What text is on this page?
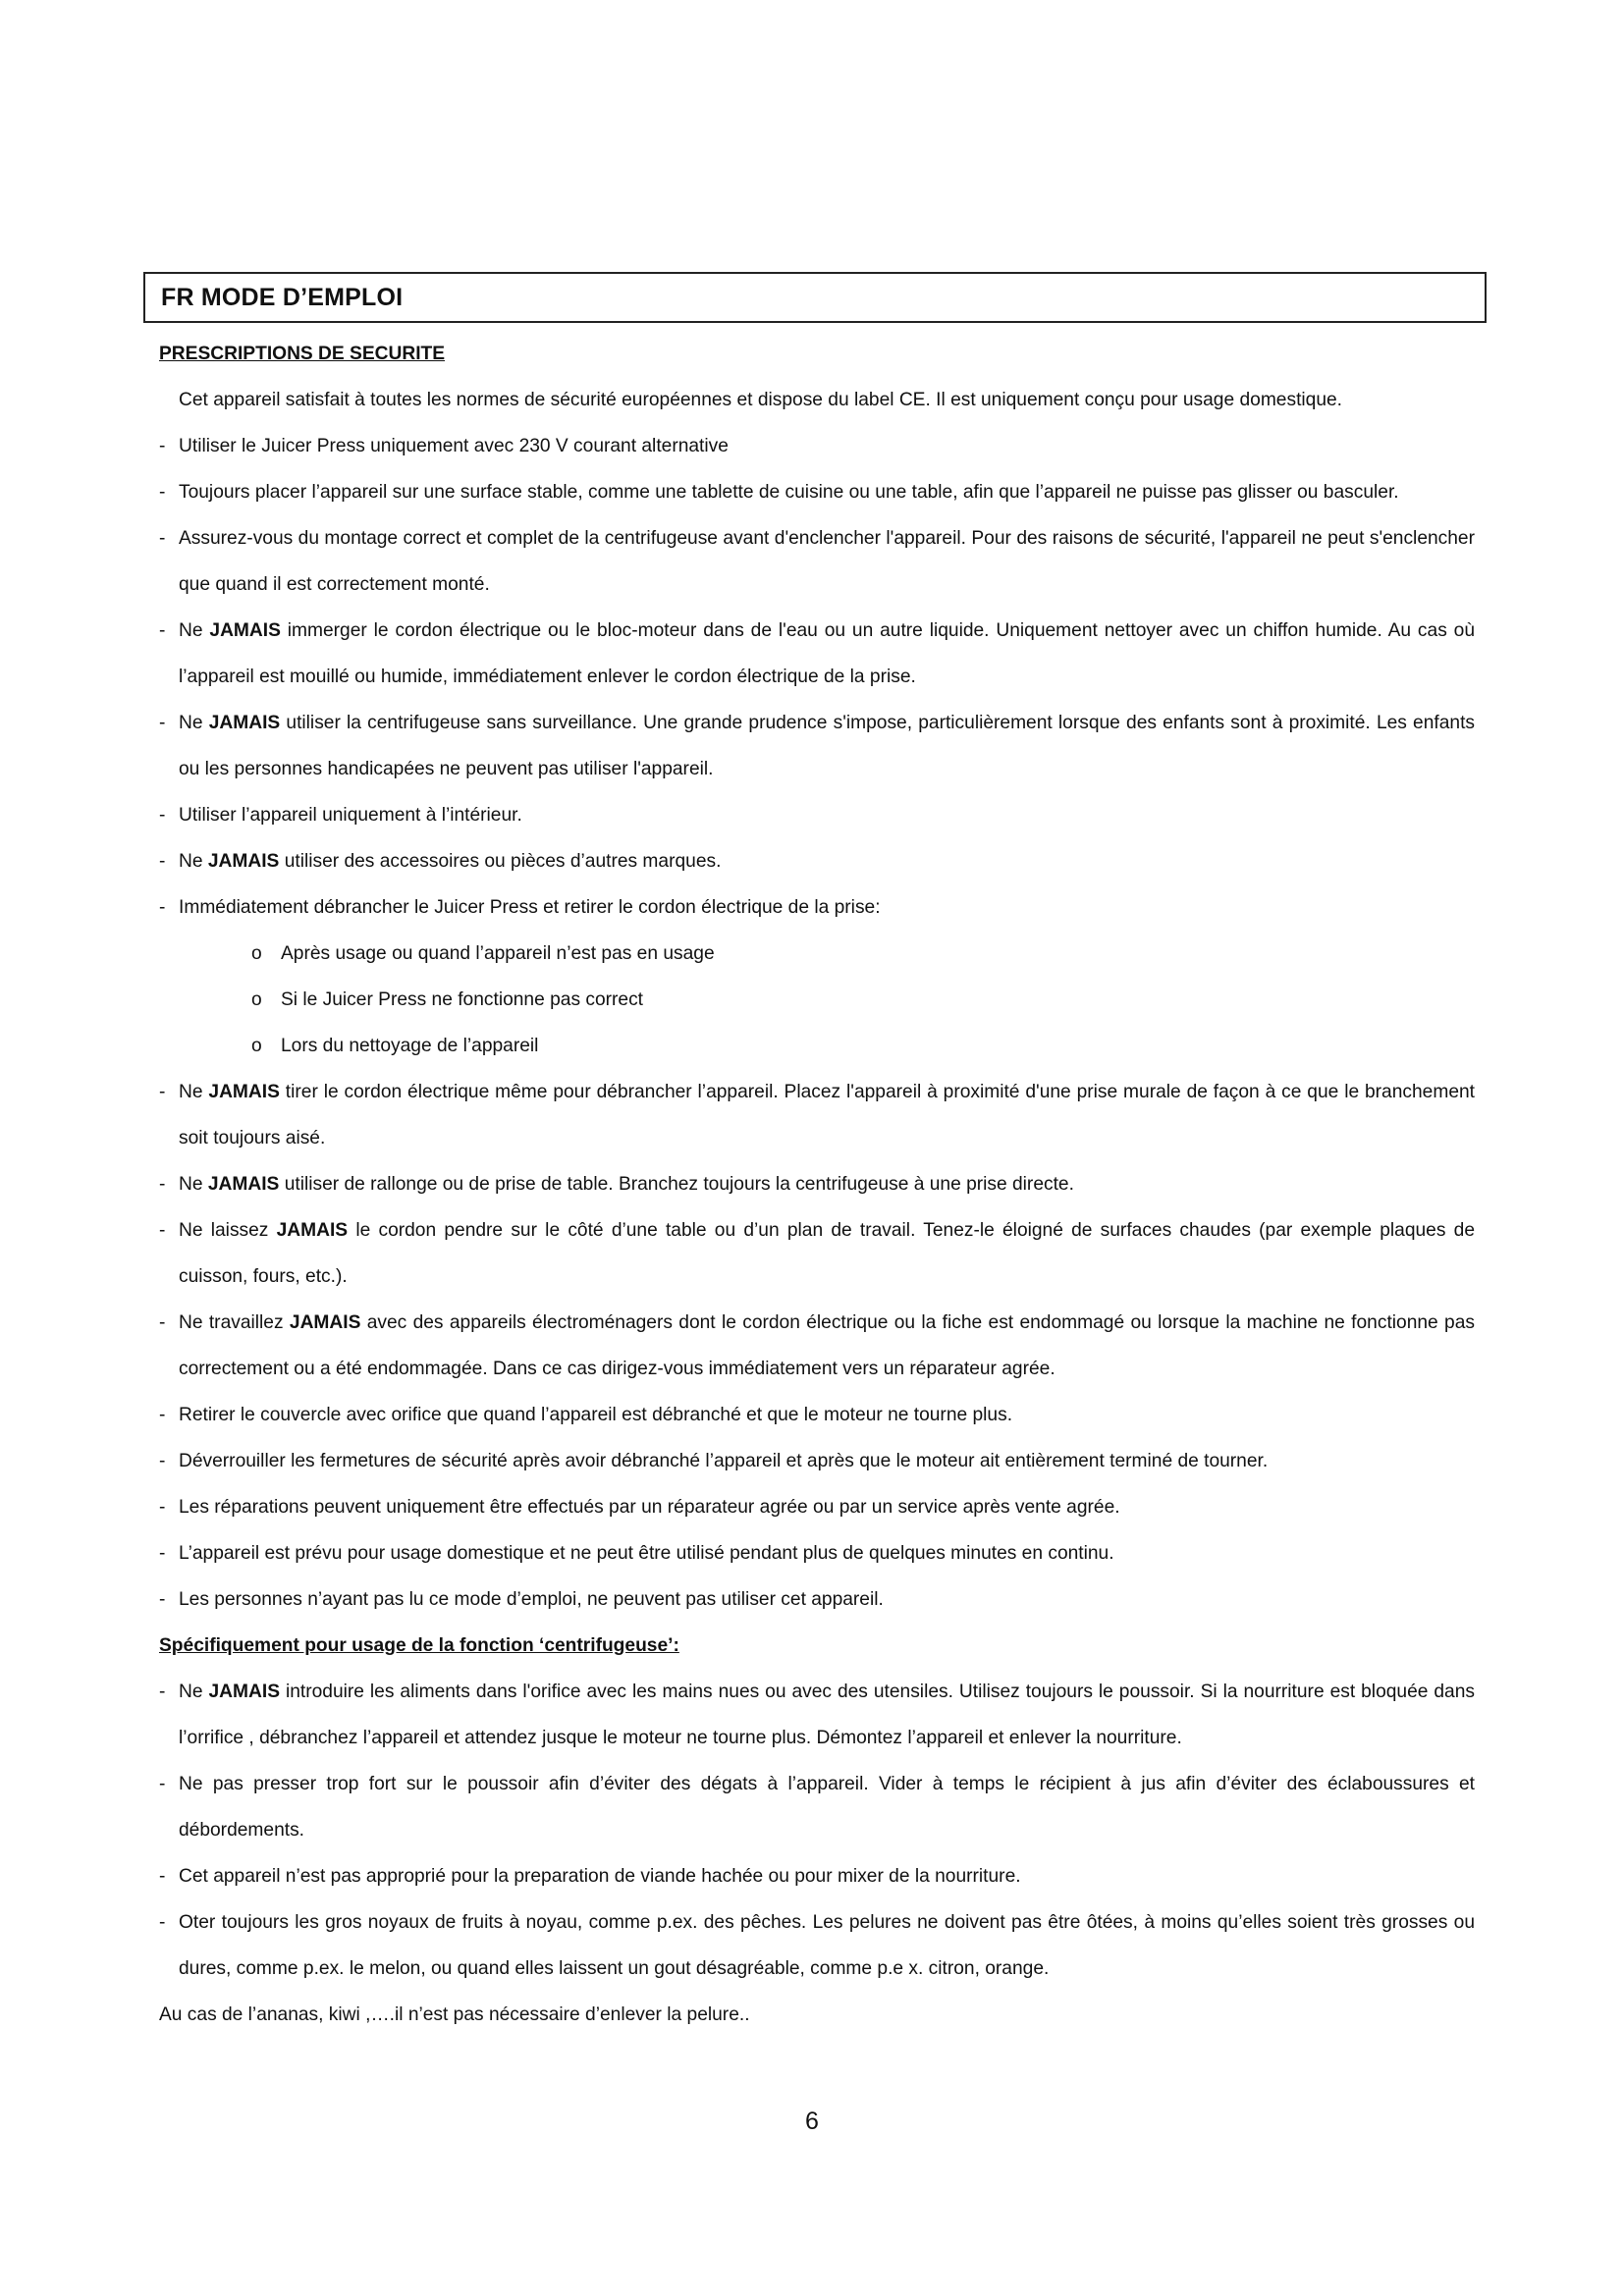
FR MODE D’EMPLOI
PRESCRIPTIONS DE SECURITE
Cet appareil satisfait à toutes les normes de sécurité européennes et dispose du label CE. Il est uniquement conçu pour usage domestique.
- Utiliser le Juicer Press uniquement avec 230 V courant alternative
- Toujours placer l’appareil sur une surface stable, comme une tablette de cuisine ou une table, afin que l’appareil ne puisse pas glisser ou basculer.
- Assurez-vous du montage correct et complet de la centrifugeuse avant d'enclencher l'appareil. Pour des raisons de sécurité, l'appareil ne peut s'enclencher que quand il est correctement monté.
- Ne JAMAIS immerger le cordon électrique ou le bloc-moteur dans de l'eau ou un autre liquide. Uniquement nettoyer avec un chiffon humide. Au cas où l’appareil est mouillé ou humide, immédiatement enlever le cordon électrique de la prise.
- Ne JAMAIS utiliser la centrifugeuse sans surveillance. Une grande prudence s'impose, particulièrement lorsque des enfants sont à proximité. Les enfants ou les personnes handicapées ne peuvent pas utiliser l'appareil.
- Utiliser l’appareil uniquement à l’intérieur.
- Ne JAMAIS utiliser des accessoires ou pièces d’autres marques.
- Immédiatement débrancher le Juicer Press et retirer le cordon électrique de la prise:
o Après usage ou quand l’appareil n’est pas en usage
o Si le Juicer Press ne fonctionne pas correct
o Lors du nettoyage de l’appareil
- Ne JAMAIS tirer le cordon électrique même pour débrancher l’appareil. Placez l'appareil à proximité d'une prise murale de façon à ce que le branchement soit toujours aisé.
- Ne JAMAIS utiliser de rallonge ou de prise de table. Branchez toujours la centrifugeuse à une prise directe.
- Ne laissez JAMAIS le cordon pendre sur le côté d’une table ou d’un plan de travail. Tenez-le éloigné de surfaces chaudes (par exemple plaques de cuisson, fours, etc.).
- Ne travaillez JAMAIS avec des appareils électroménagers dont le cordon électrique ou la fiche est endommagé ou lorsque la machine ne fonctionne pas correctement ou a été endommagée. Dans ce cas dirigez-vous immédiatement vers un réparateur agrée.
- Retirer le couvercle avec orifice que quand l’appareil est débranché et que le moteur ne tourne plus.
- Déverrouiller les fermetures de sécurité après avoir débranché l’appareil et après que le moteur ait entièrement terminé de tourner.
- Les réparations peuvent uniquement être effectués par un réparateur agrée ou par un service après vente agrée.
- L’appareil est prévu pour usage domestique et ne peut être utilisé pendant plus de quelques minutes en continu.
- Les personnes n’ayant pas lu ce mode d’emploi, ne peuvent pas utiliser cet appareil.
Spécifiquement pour usage de la fonction ‘centrifugeuse’:
- Ne JAMAIS introduire les aliments dans l'orifice avec les mains nues ou avec des utensiles. Utilisez toujours le poussoir. Si la nourriture est bloquée dans l’orrifice , débranchez l’appareil et attendez jusque le moteur ne tourne plus. Démontez l’appareil et enlever la nourriture.
- Ne pas presser trop fort sur le poussoir afin d’éviter des dégats à l’appareil. Vider à temps le récipient à jus afin d’éviter des éclaboussures et débordements.
- Cet appareil n’est pas approprié pour la preparation de viande hachée ou pour mixer de la nourriture.
- Oter toujours les gros noyaux de fruits à noyau, comme p.ex. des pêches. Les pelures ne doivent pas être ôtées, à moins qu’elles soient très grosses ou dures, comme p.ex. le melon, ou quand elles laissent un gout désagréable, comme p.e x. citron, orange.
Au cas de l’ananas, kiwi ,….il n’est pas nécessaire d’enlever la pelure..
6
